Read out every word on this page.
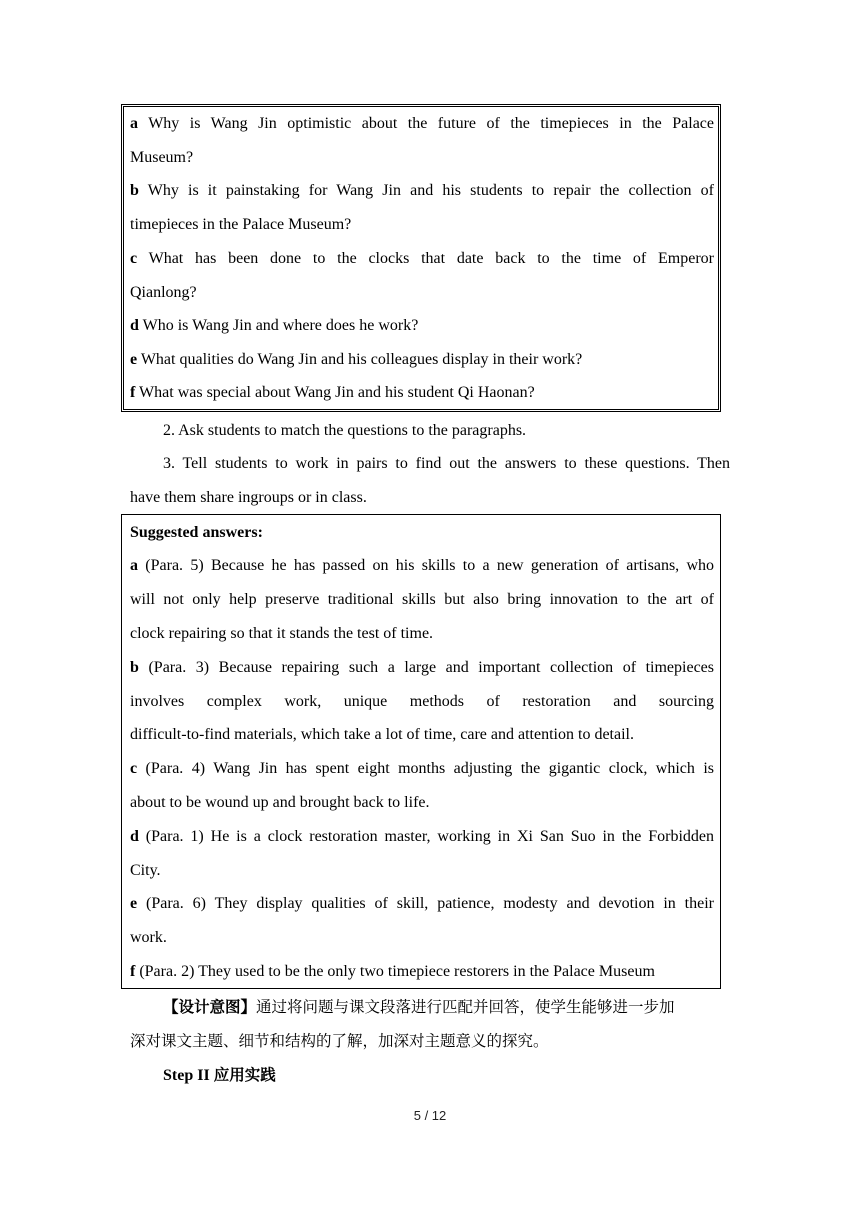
a Why is Wang Jin optimistic about the future of the timepieces in the Palace
Museum?
b Why is it painstaking for Wang Jin and his students to repair the collection of
timepieces in the Palace Museum?
c What has been done to the clocks that date back to the time of Emperor
Qianlong?
d Who is Wang Jin and where does he work?
e What qualities do Wang Jin and his colleagues display in their work?
f What was special about Wang Jin and his student Qi Haonan?
2. Ask students to match the questions to the paragraphs.
3. Tell students to work in pairs to find out the answers to these questions. Then
have them share ingroups or in class.
Suggested answers:
a (Para. 5) Because he has passed on his skills to a new generation of artisans, who
will not only help preserve traditional skills but also bring innovation to the art of
clock repairing so that it stands the test of time.
b (Para. 3) Because repairing such a large and important collection of timepieces
involves complex work, unique methods of restoration and sourcing
difficult-to-find materials, which take a lot of time, care and attention to detail.
c (Para. 4) Wang Jin has spent eight months adjusting the gigantic clock, which is
about to be wound up and brought back to life.
d (Para. 1) He is a clock restoration master, working in Xi San Suo in the Forbidden
City.
e (Para. 6) They display qualities of skill, patience, modesty and devotion in their
work.
f (Para. 2) They used to be the only two timepiece restorers in the Palace Museum
【设计意图】通过将问题与课文段落进行匹配并回答，使学生能够进一步加
深对课文主题、细节和结构的了解，加深对主题意义的探究。
Step II 应用实践
5 / 12
